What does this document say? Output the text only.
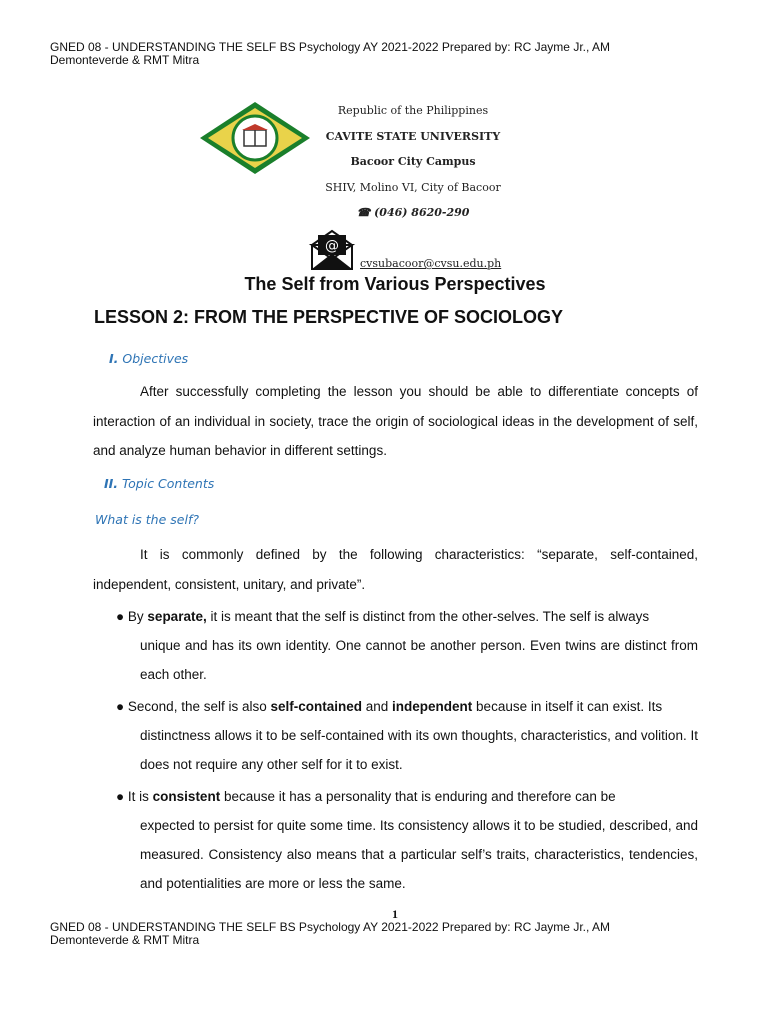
GNED 08 - UNDERSTANDING THE SELF BS Psychology AY 2021-2022 Prepared by: RC Jayme Jr., AM
Demonteverde & RMT Mitra
Republic of the Philippines
CAVITE STATE UNIVERSITY
Bacoor City Campus
SHIV, Molino VI, City of Bacoor
☎ (046) 8620-290
@
cvsubacoor@cvsu.edu.ph
The Self from Various Perspectives
LESSON 2: FROM THE PERSPECTIVE OF SOCIOLOGY
I. Objectives
After successfully completing the lesson you should be able to differentiate concepts of interaction of an individual in society, trace the origin of sociological ideas in the development of self, and analyze human behavior in different settings.
II. Topic Contents
What is the self?
It is commonly defined by the following characteristics: “separate, self-contained, independent, consistent, unitary, and private”.
● By separate, it is meant that the self is distinct from the other-selves. The self is always
unique and has its own identity. One cannot be another person. Even twins are distinct from each other.
● Second, the self is also self-contained and independent because in itself it can exist. Its
distinctness allows it to be self-contained with its own thoughts, characteristics, and volition. It does not require any other self for it to exist.
● It is consistent because it has a personality that is enduring and therefore can be
expected to persist for quite some time. Its consistency allows it to be studied, described, and measured. Consistency also means that a particular self’s traits, characteristics, tendencies, and potentialities are more or less the same.
1
GNED 08 - UNDERSTANDING THE SELF BS Psychology AY 2021-2022 Prepared by: RC Jayme Jr., AM
Demonteverde & RMT Mitra
